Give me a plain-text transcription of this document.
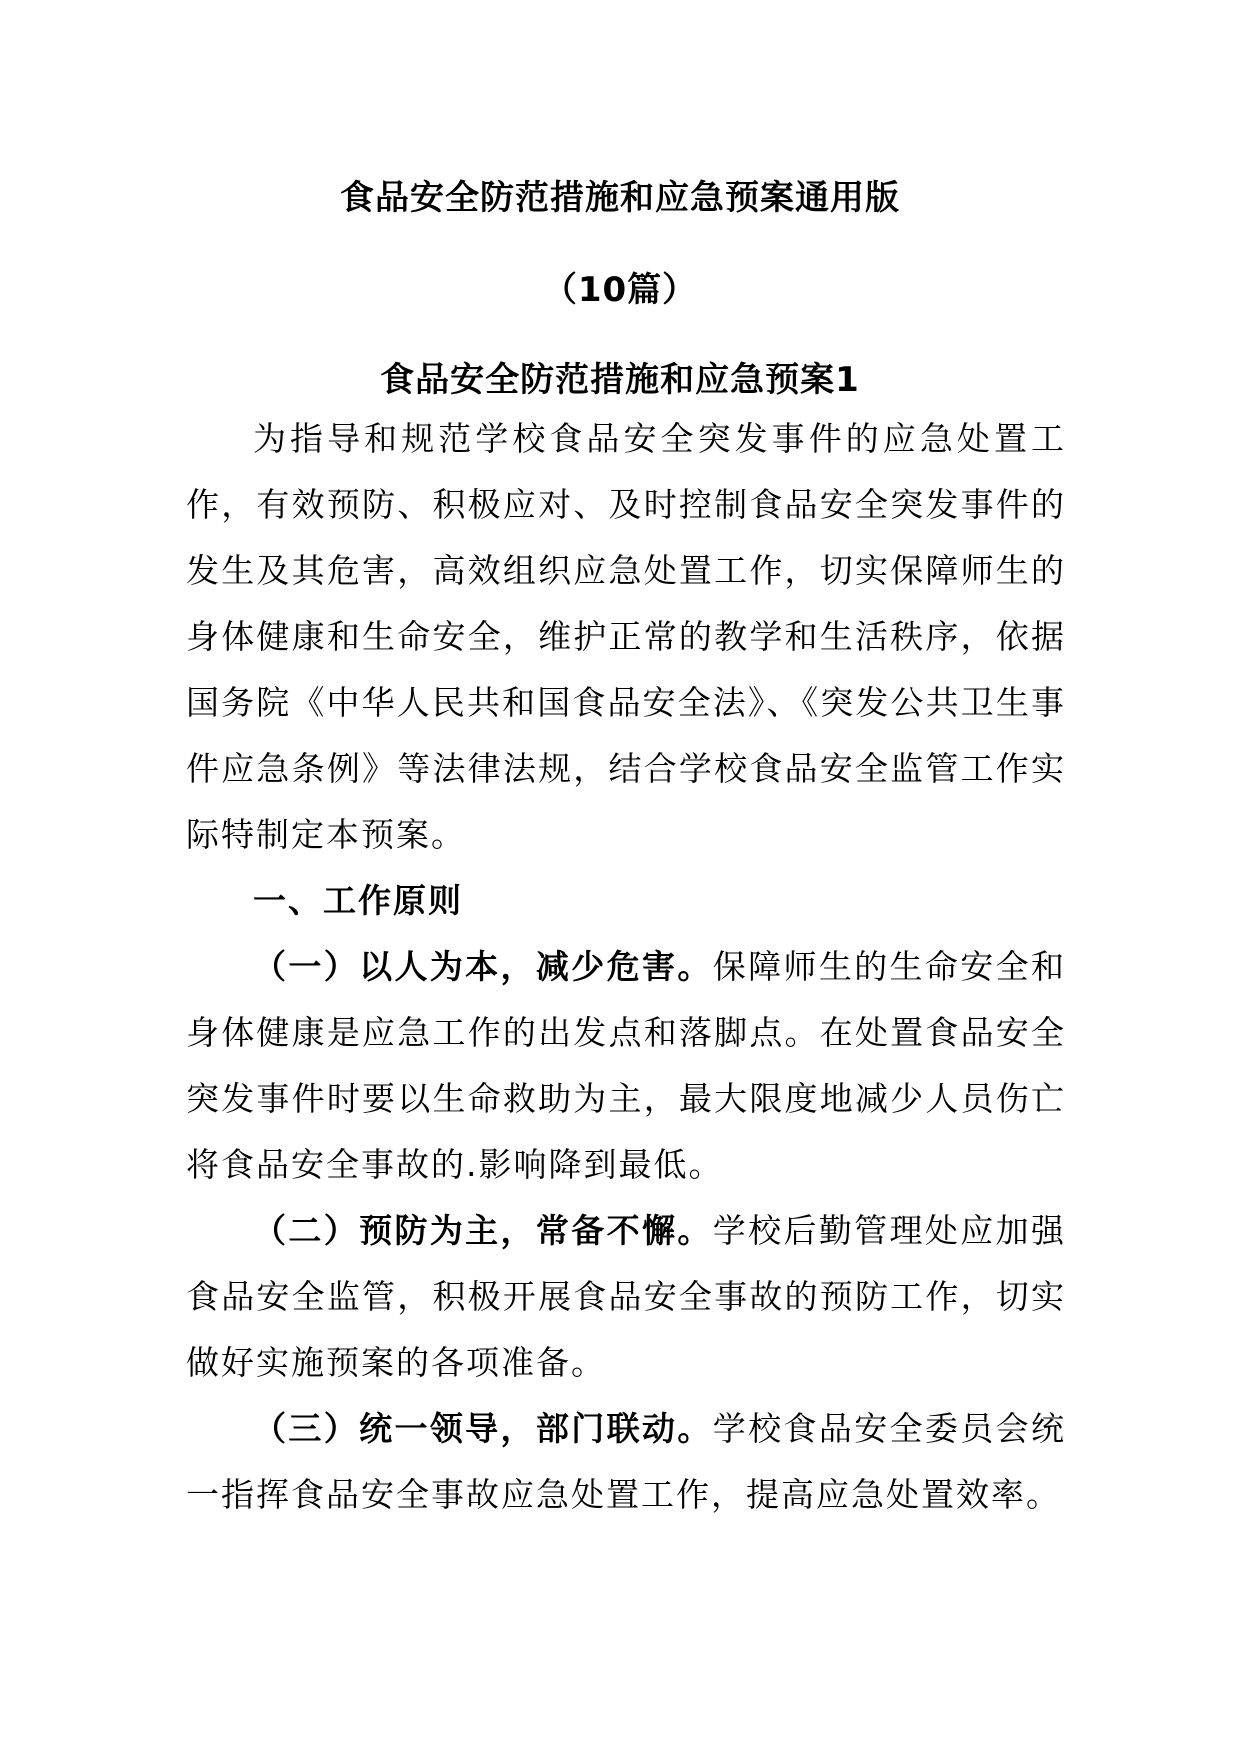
食品安全防范措施和应急预案通用版
（10篇）
食品安全防范措施和应急预案1

为指导和规范学校食品安全突发事件的应急处置工作，有效预防、积极应对、及时控制食品安全突发事件的发生及其危害，高效组织应急处置工作，切实保障师生的身体健康和生命安全，维护正常的教学和生活秩序，依据国务院《中华人民共和国食品安全法》、《突发公共卫生事件应急条例》等法律法规，结合学校食品安全监管工作实际特制定本预案。

一、工作原则

（一）以人为本，减少危害。保障师生的生命安全和身体健康是应急工作的出发点和落脚点。在处置食品安全突发事件时要以生命救助为主，最大限度地减少人员伤亡将食品安全事故的.影响降到最低。

（二）预防为主，常备不懈。学校后勤管理处应加强食品安全监管，积极开展食品安全事故的预防工作，切实做好实施预案的各项准备。

（三）统一领导，部门联动。学校食品安全委员会统一指挥食品安全事故应急处置工作，提高应急处置效率。
